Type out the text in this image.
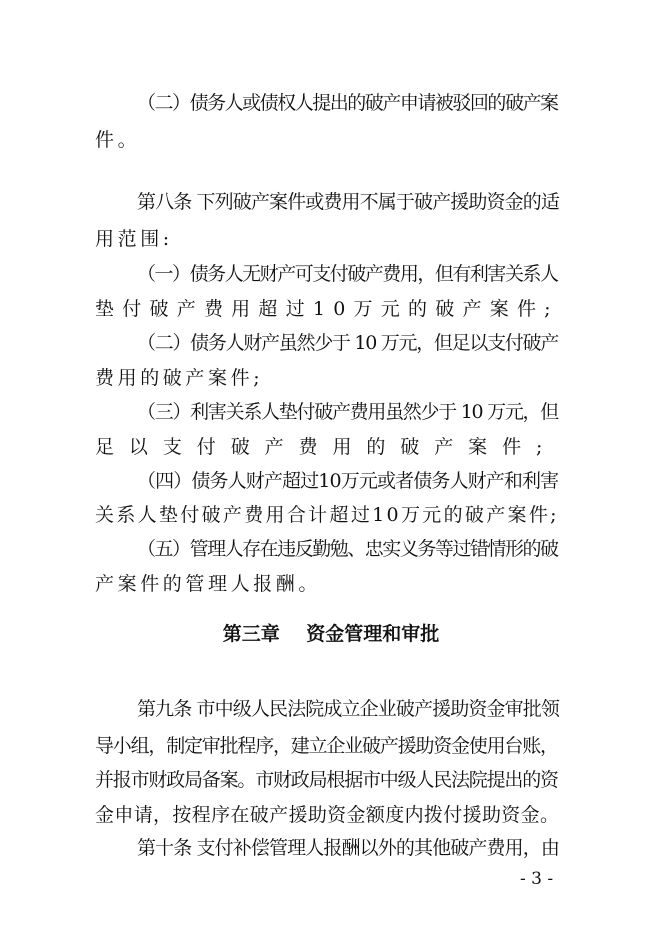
（二）债务人或债权人提出的破产申请被驳回的破产案

件。

第八条 下列破产案件或费用不属于破产援助资金的适

用范围:

（一）债务人无财产可支付破产费用，但有利害关系人

垫付破产费用超过10万元的破产案件;

（二）债务人财产虽然少于 10 万元，但足以支付破产

费用的破产案件;

（三）利害关系人垫付破产费用虽然少于 10 万元，但

足以支付破产费用的破产案件;

（四）债务人财产超过10万元或者债务人财产和利害

关系人垫付破产费用合计超过10万元的破产案件;

（五）管理人存在违反勤勉、忠实义务等过错情形的破

产案件的管理人报酬。

第三章    资金管理和审批

第九条 市中级人民法院成立企业破产援助资金审批领

导小组，制定审批程序，建立企业破产援助资金使用台账，

并报市财政局备案。市财政局根据市中级人民法院提出的资

金申请，按程序在破产援助资金额度内拨付援助资金。

第十条 支付补偿管理人报酬以外的其他破产费用，由

- 3 -
